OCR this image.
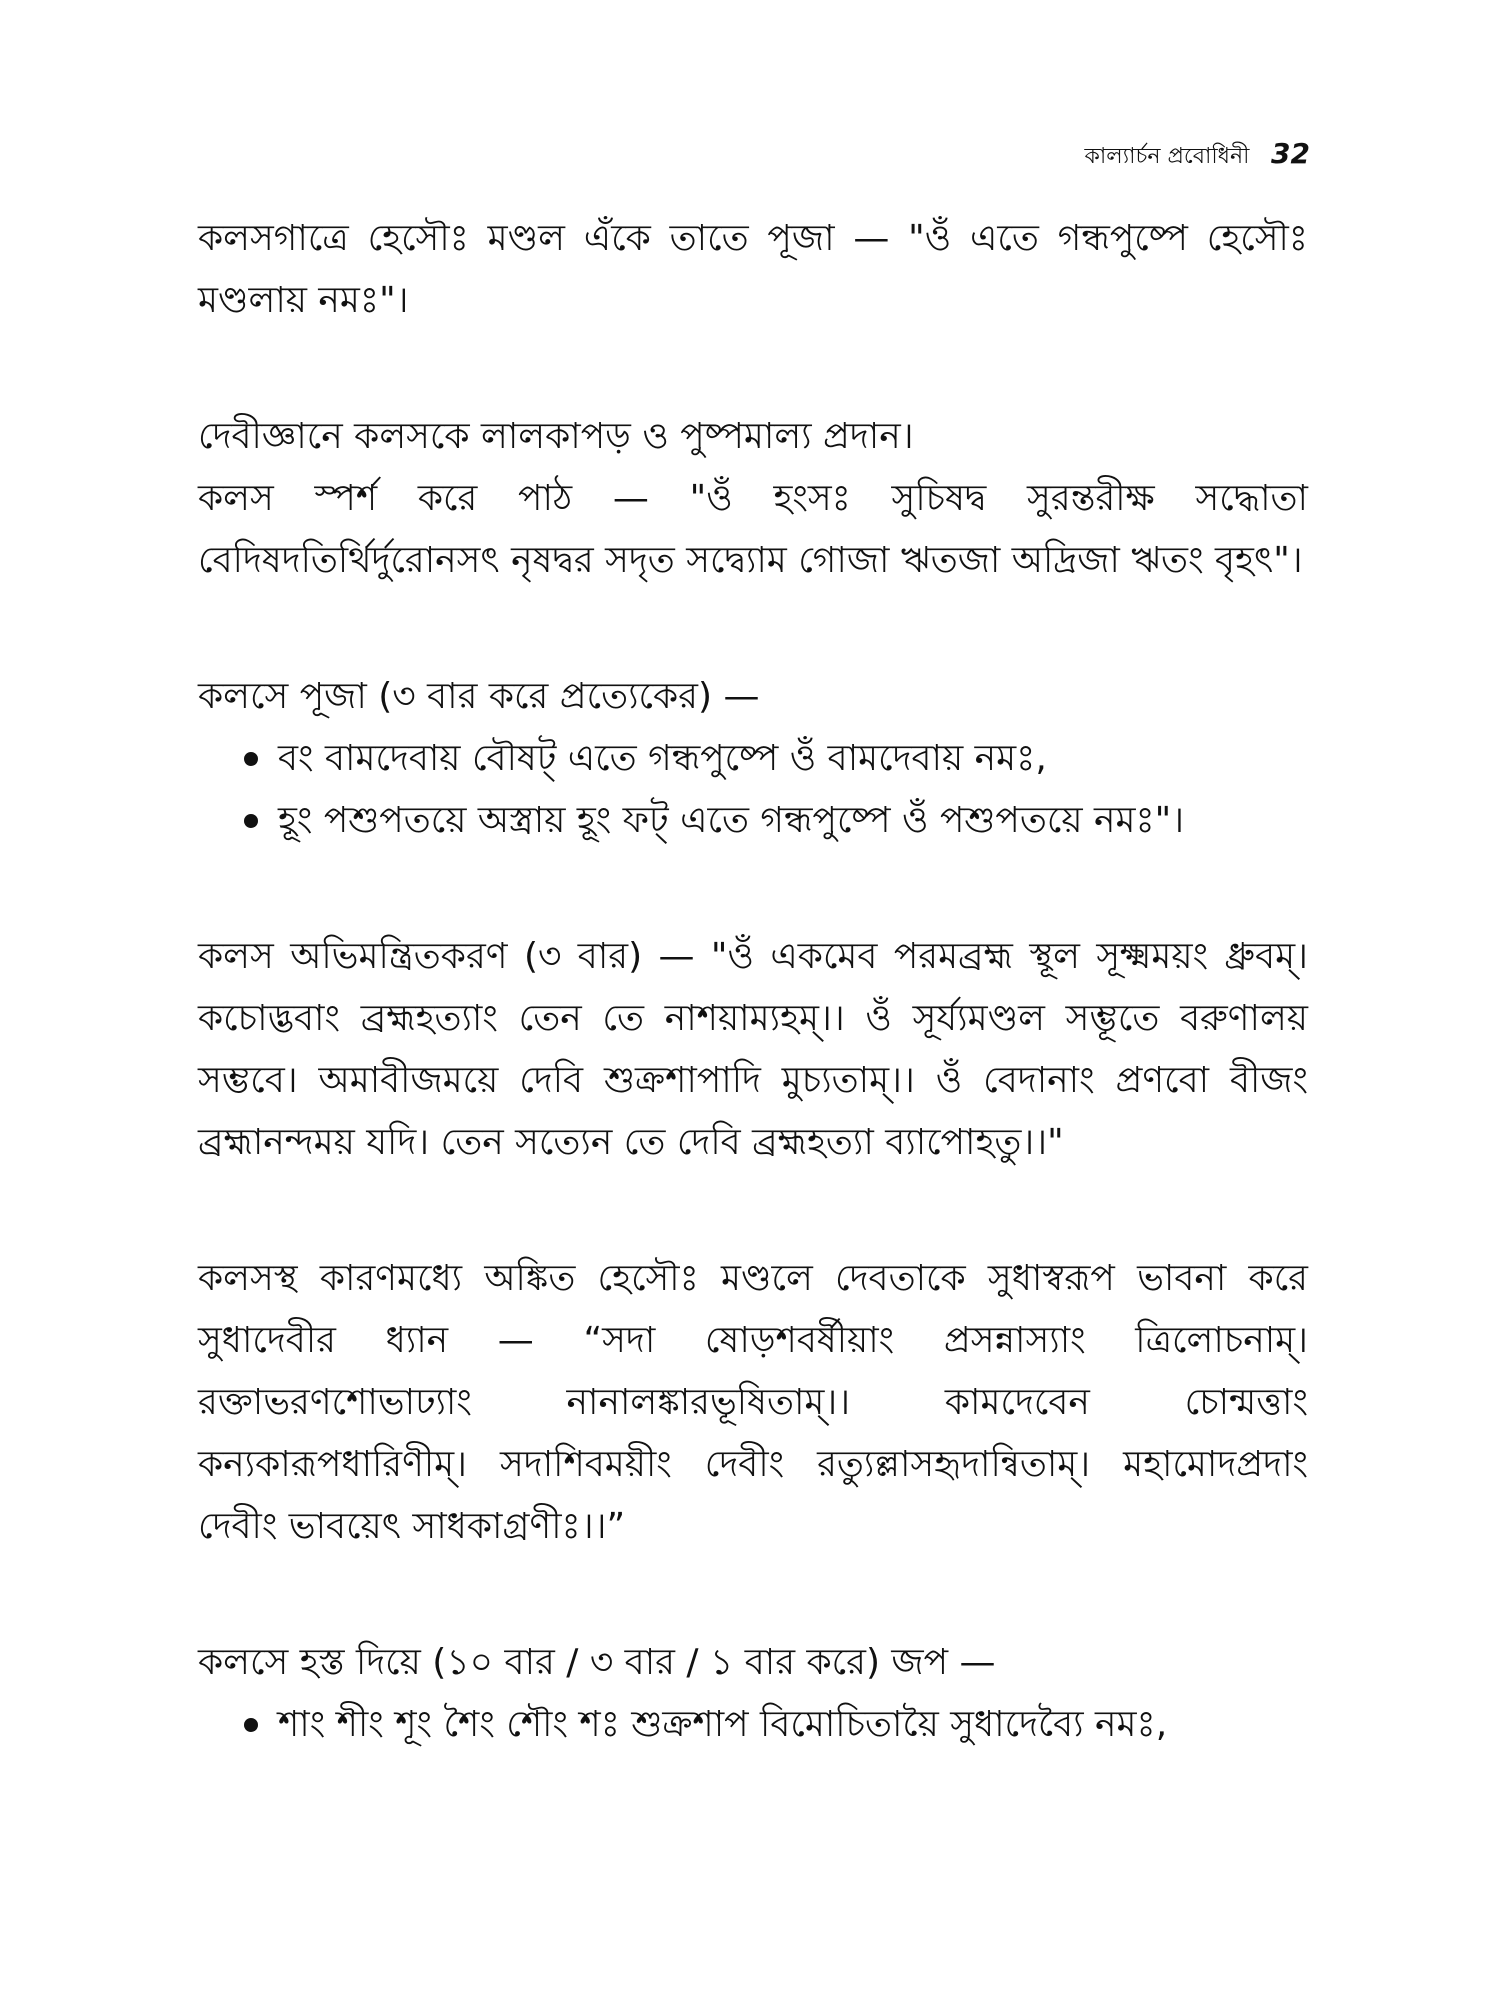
কাল্যার্চন প্রবোধিনী 32

কলসগাত্রে হেসৌঃ মণ্ডল এঁকে তাতে পূজা — "ওঁ এতে গন্ধপুষ্পে হেসৌঃ মণ্ডলায় নমঃ"।

দেবীজ্ঞানে কলসকে লালকাপড় ও পুষ্পমাল্য প্রদান।

কলস স্পর্শ করে পাঠ — "ওঁ হংসঃ সুচিষদ্ব সুরন্তরীক্ষ সদ্ধোতা বেদিষদতির্থির্দুরোনসৎ নৃষদ্বর সদৃত সদ্ব্যোম গোজা ঋতজা অদ্রিজা ঋতং বৃহৎ"।

কলসে পূজা (৩ বার করে প্রত্যেকের) —

বং বামদেবায় বৌষট্ এতে গন্ধপুষ্পে ওঁ বামদেবায় নমঃ,
হূং পশুপতয়ে অস্ত্রায় হূং ফট্ এতে গন্ধপুষ্পে ওঁ পশুপতয়ে নমঃ"।

কলস অভিমন্ত্রিতকরণ (৩ বার) — "ওঁ একমেব পরমব্রহ্ম স্থূল সূক্ষ্মময়ং ধ্রুবম্। কচোদ্ভবাং ব্রহ্মহত্যাং তেন তে নাশয়াম্যহম্।। ওঁ সূর্য্যমণ্ডল সম্ভূতে বরুণালয় সম্ভবে। অমাবীজময়ে দেবি শুক্রশাপাদি মুচ্যতাম্।। ওঁ বেদানাং প্রণবো বীজং ব্রহ্মানন্দময় যদি। তেন সত্যেন তে দেবি ব্রহ্মহত্যা ব্যাপোহতু।।"

কলসস্থ কারণমধ্যে অঙ্কিত হেসৌঃ মণ্ডলে দেবতাকে সুধাস্বরূপ ভাবনা করে সুধাদেবীর ধ্যান — “সদা ষোড়শবর্ষীয়াং প্রসন্নাস্যাং ত্রিলোচনাম্। রক্তাভরণশোভাঢ্যাং নানালঙ্কারভূষিতাম্।। কামদেবেন চোন্মত্তাং কন্যকারূপধারিণীম্। সদাশিবময়ীং দেবীং রত্যুল্লাসহৃদান্বিতাম্। মহামোদপ্রদাং দেবীং ভাবয়েৎ সাধকাগ্রণীঃ।।”

কলসে হস্ত দিয়ে (১০ বার / ৩ বার / ১ বার করে) জপ —

শাং শীং শূং শৈং শৌং শঃ শুক্রশাপ বিমোচিতায়ৈ সুধাদেব্যৈ নমঃ,
